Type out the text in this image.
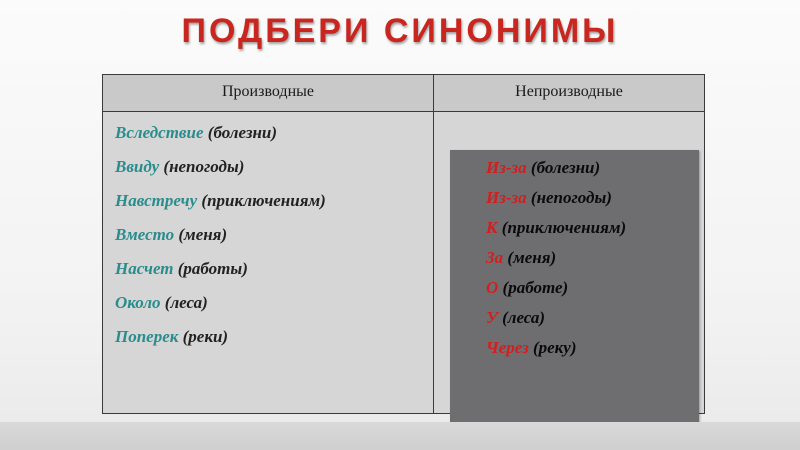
ПОДБЕРИ СИНОНИМЫ
Производные	Непроизводные
Вследствие (болезни)
Ввиду (непогоды)
Навстречу (приключениям)
Вместо (меня)
Насчет (работы)
Около (леса)
Поперек (реки)
Из-за (болезни)
Из-за (непогоды)
К (приключениям)
За (меня)
О (работе)
У (леса)
Через (реку)
